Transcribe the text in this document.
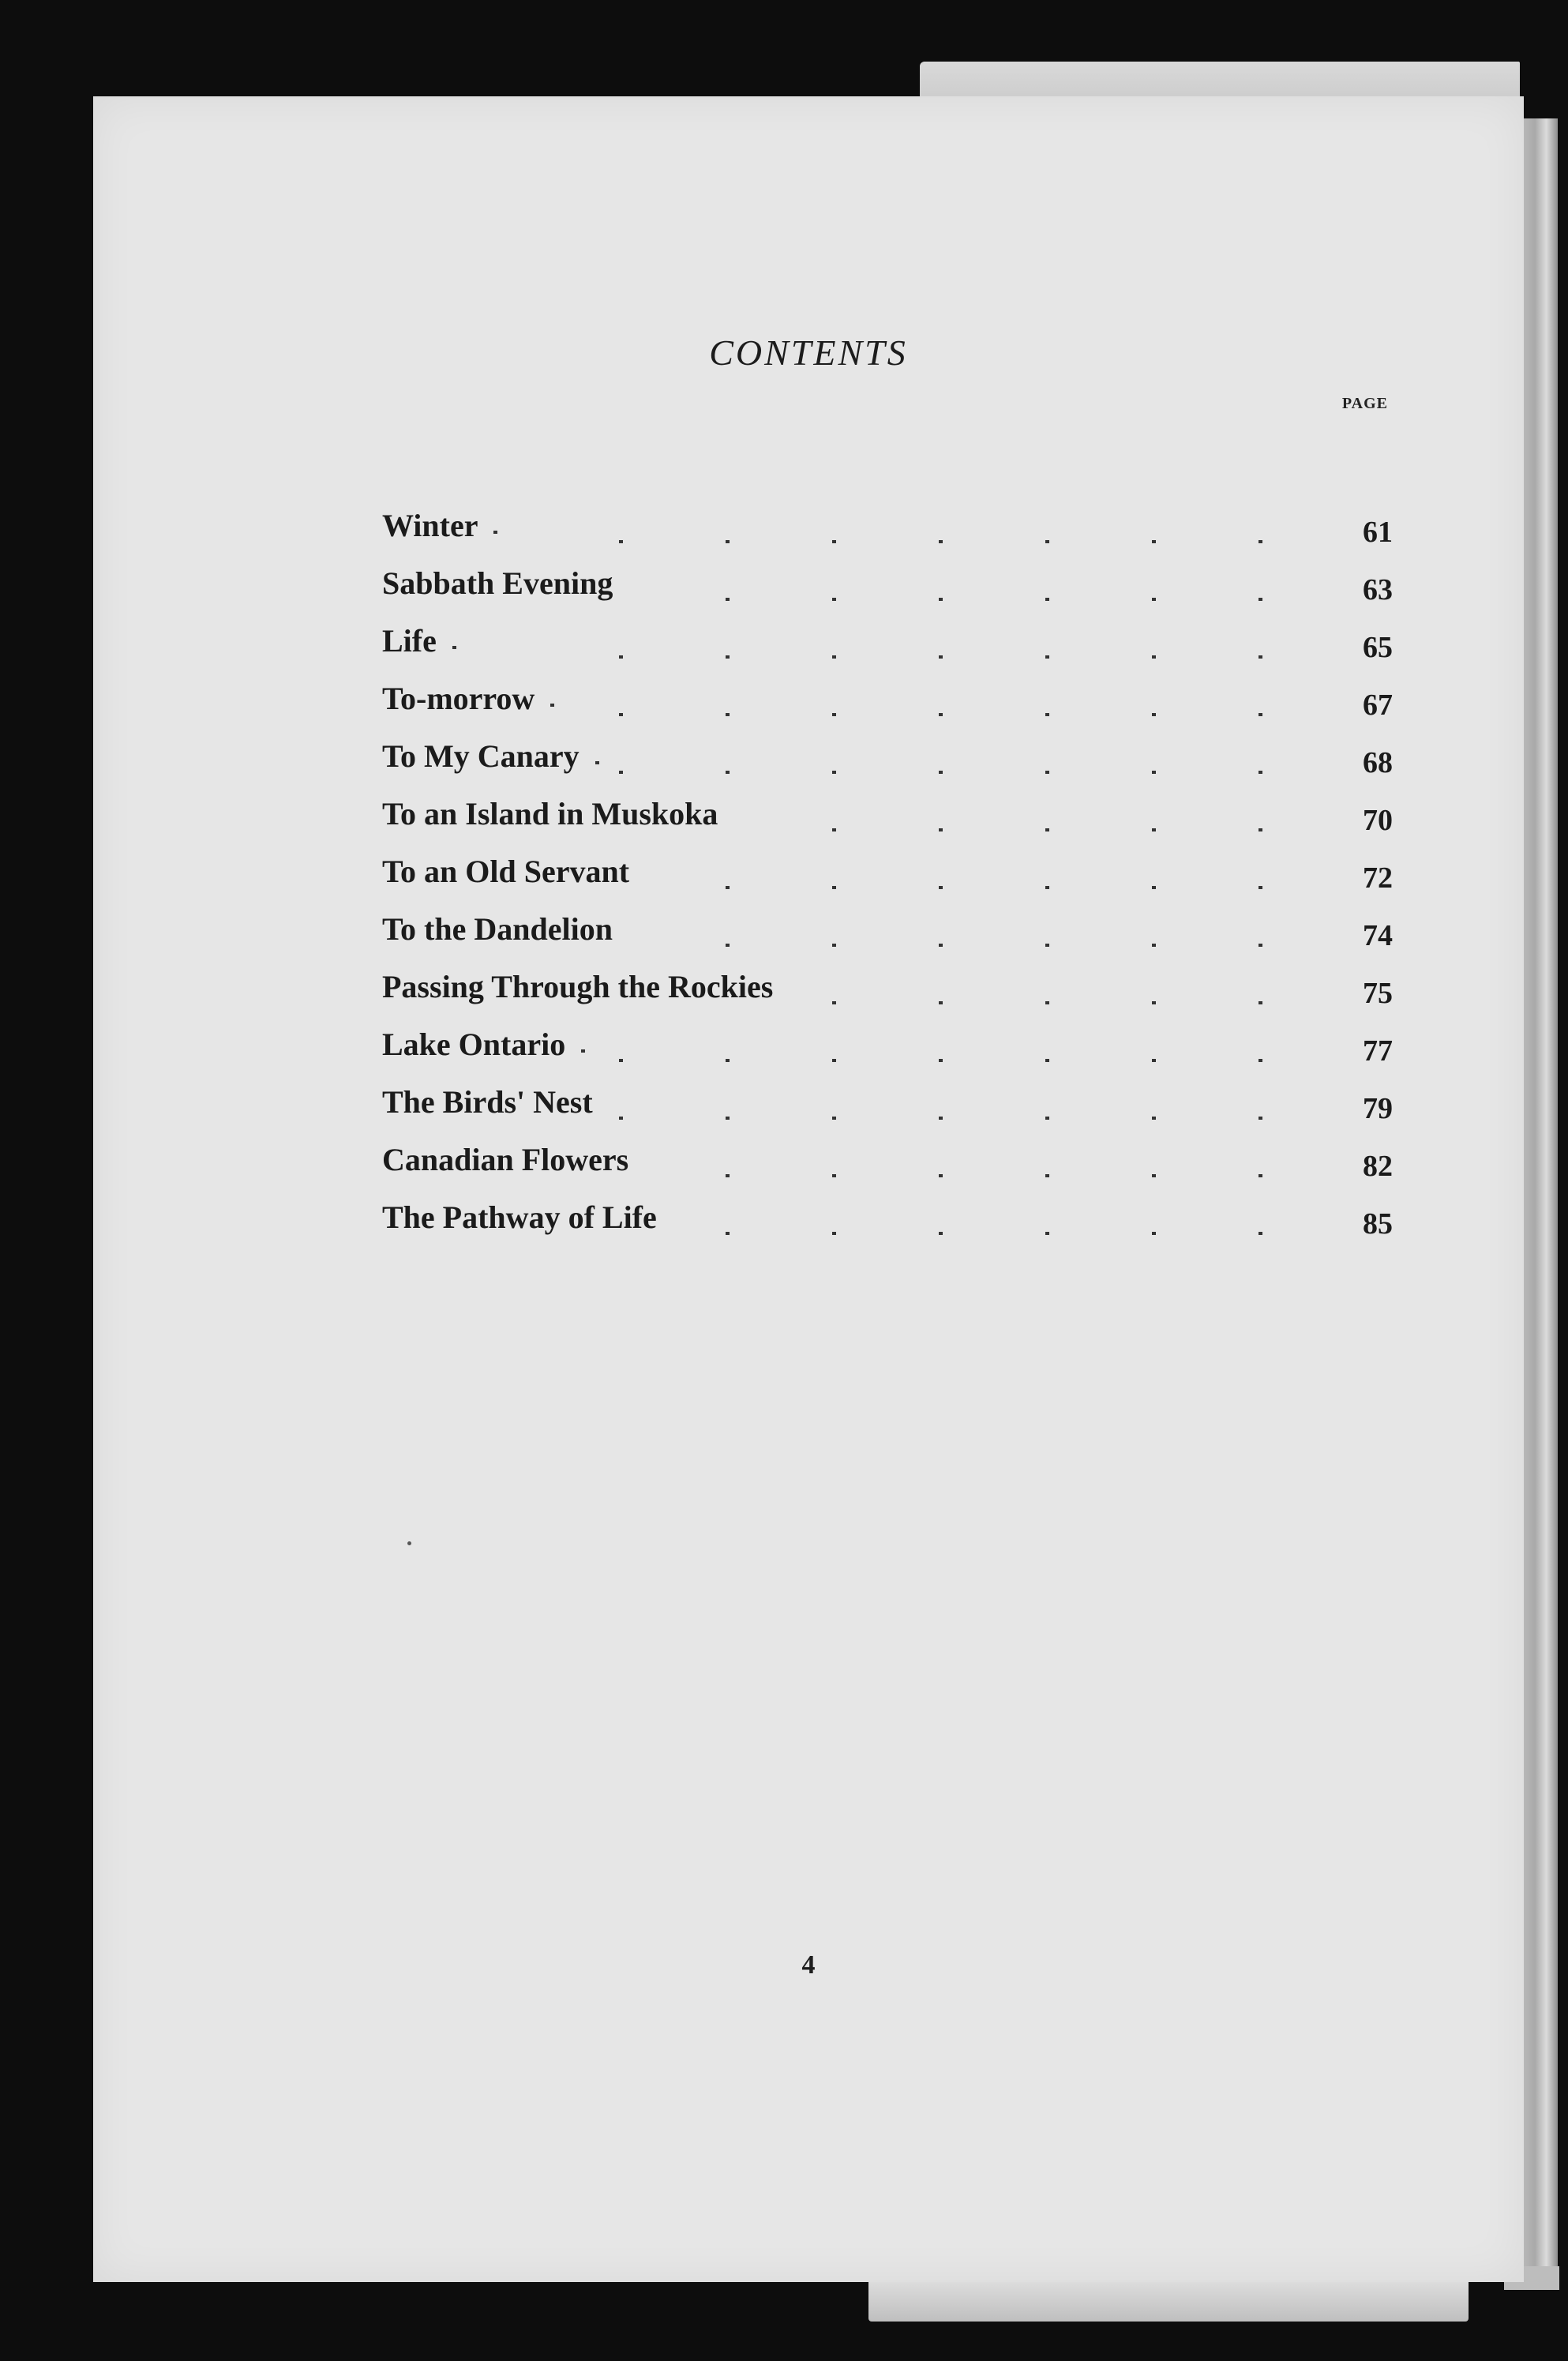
CONTENTS
PAGE
Winter	61
Sabbath Evening	63
Life	65
To-morrow	67
To My Canary	68
To an Island in Muskoka	70
To an Old Servant	72
To the Dandelion	74
Passing Through the Rockies	75
Lake Ontario	77
The Birds' Nest	79
Canadian Flowers	82
The Pathway of Life	85
4
